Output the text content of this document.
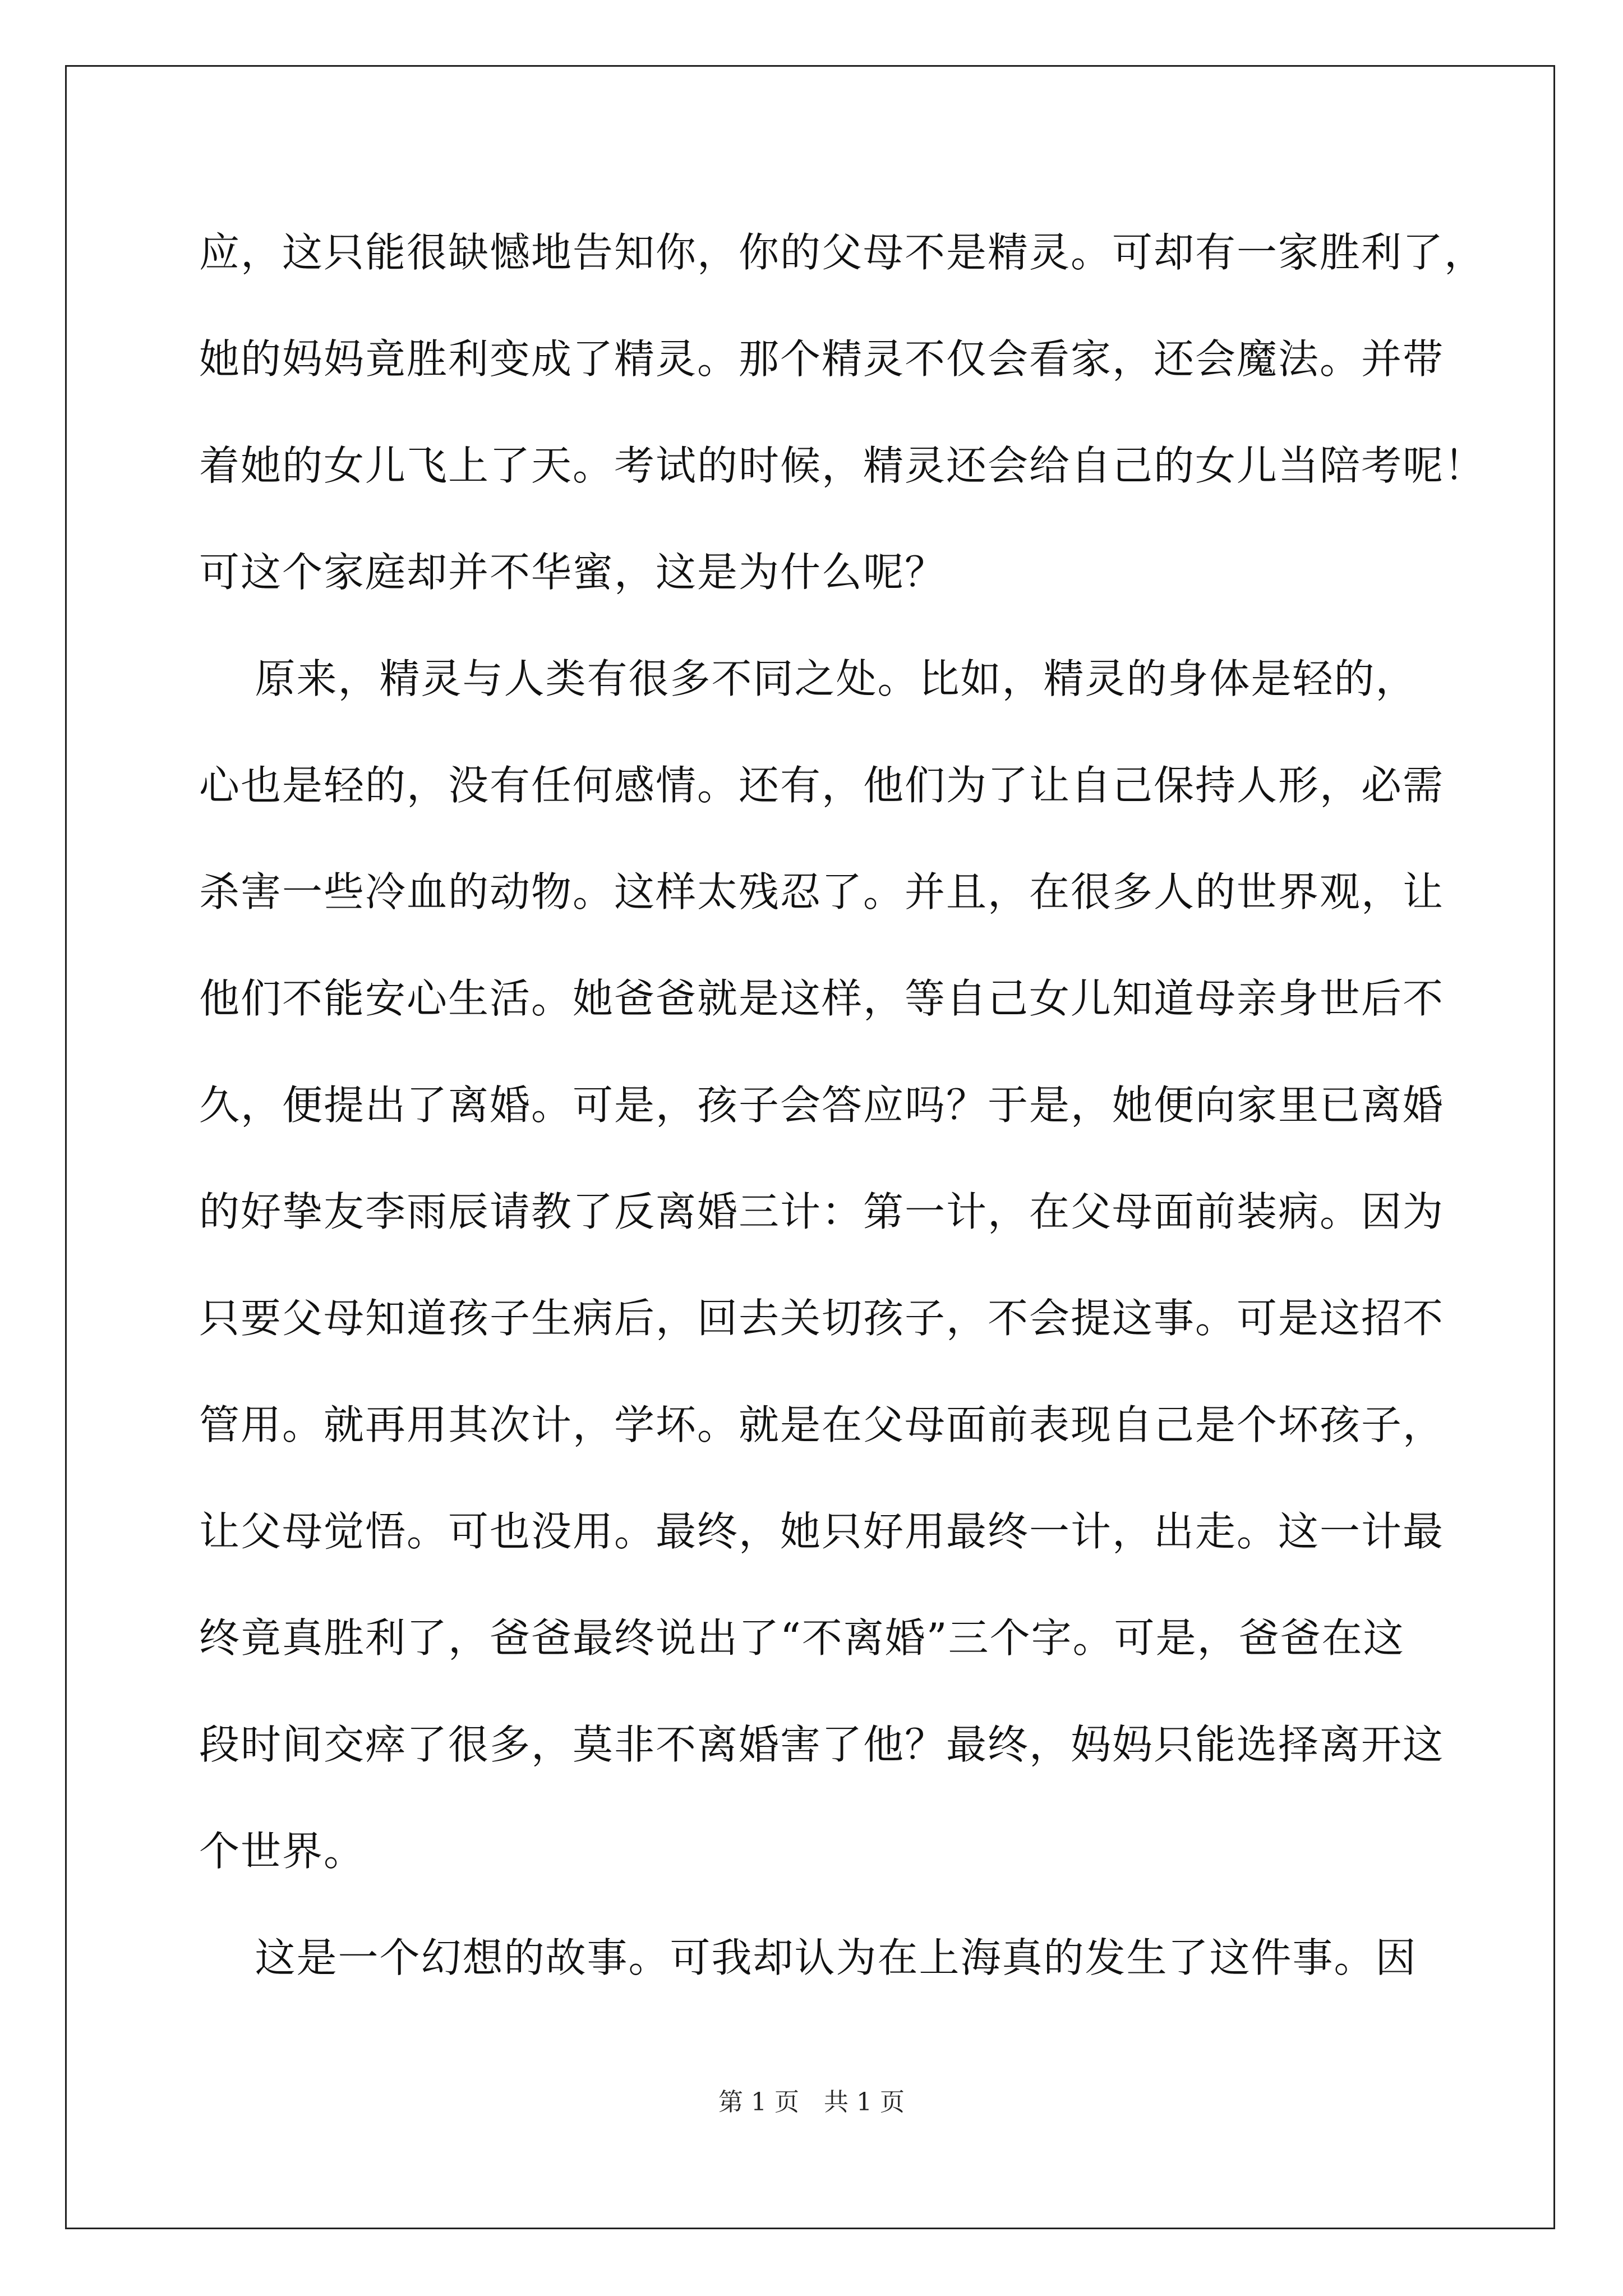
应，这只能很缺憾地告知你，你的父母不是精灵。可却有一家胜利了，
她的妈妈竟胜利变成了精灵。那个精灵不仅会看家，还会魔法。并带
着她的女儿飞上了天。考试的时候，精灵还会给自己的女儿当陪考呢！
可这个家庭却并不华蜜，这是为什么呢？
原来，精灵与人类有很多不同之处。比如，精灵的身体是轻的，
心也是轻的，没有任何感情。还有，他们为了让自己保持人形，必需
杀害一些冷血的动物。这样太残忍了。并且，在很多人的世界观，让
他们不能安心生活。她爸爸就是这样，等自己女儿知道母亲身世后不
久，便提出了离婚。可是，孩子会答应吗？于是，她便向家里已离婚
的好挚友李雨辰请教了反离婚三计：第一计，在父母面前装病。因为
只要父母知道孩子生病后，回去关切孩子，不会提这事。可是这招不
管用。就再用其次计，学坏。就是在父母面前表现自己是个坏孩子，
让父母觉悟。可也没用。最终，她只好用最终一计，出走。这一计最
终竟真胜利了，爸爸最终说出了“不离婚”三个字。可是，爸爸在这
段时间交瘁了很多，莫非不离婚害了他？最终，妈妈只能选择离开这
个世界。
这是一个幻想的故事。可我却认为在上海真的发生了这件事。因
第 1 页　共 1 页
